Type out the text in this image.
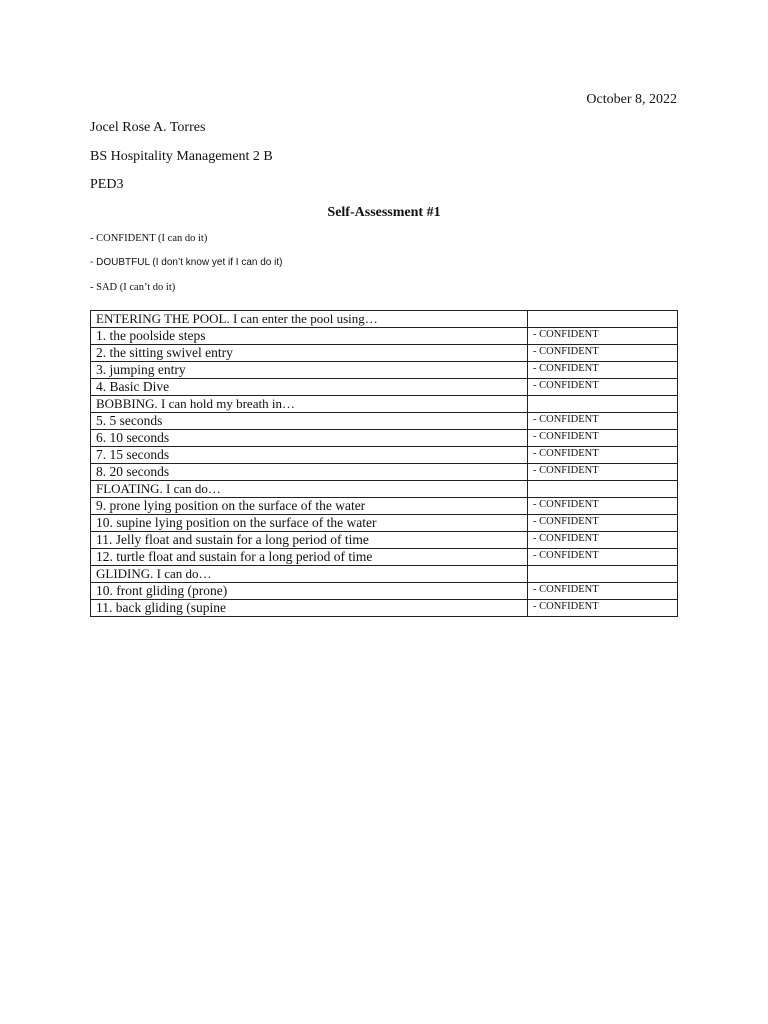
October 8, 2022
Jocel Rose A. Torres
BS Hospitality Management 2 B
PED3
Self-Assessment #1
- CONFIDENT (I can do it)
- DOUBTFUL (I don’t know yet if I can do it)
- SAD (I can’t do it)
ENTERING THE POOL. I can enter the pool using…	
1. the poolside steps	- CONFIDENT
2. the sitting swivel entry	- CONFIDENT
3. jumping entry	- CONFIDENT
4. Basic Dive	- CONFIDENT
BOBBING. I can hold my breath in…	
5. 5 seconds	- CONFIDENT
6. 10 seconds	- CONFIDENT
7. 15 seconds	- CONFIDENT
8. 20 seconds	- CONFIDENT
FLOATING. I can do…	
9. prone lying position on the surface of the water	- CONFIDENT
10. supine lying position on the surface of the water	- CONFIDENT
11. Jelly float and sustain for a long period of time	- CONFIDENT
12. turtle float and sustain for a long period of time	- CONFIDENT
GLIDING. I can do…	
10. front gliding (prone)	- CONFIDENT
11. back gliding (supine	- CONFIDENT
